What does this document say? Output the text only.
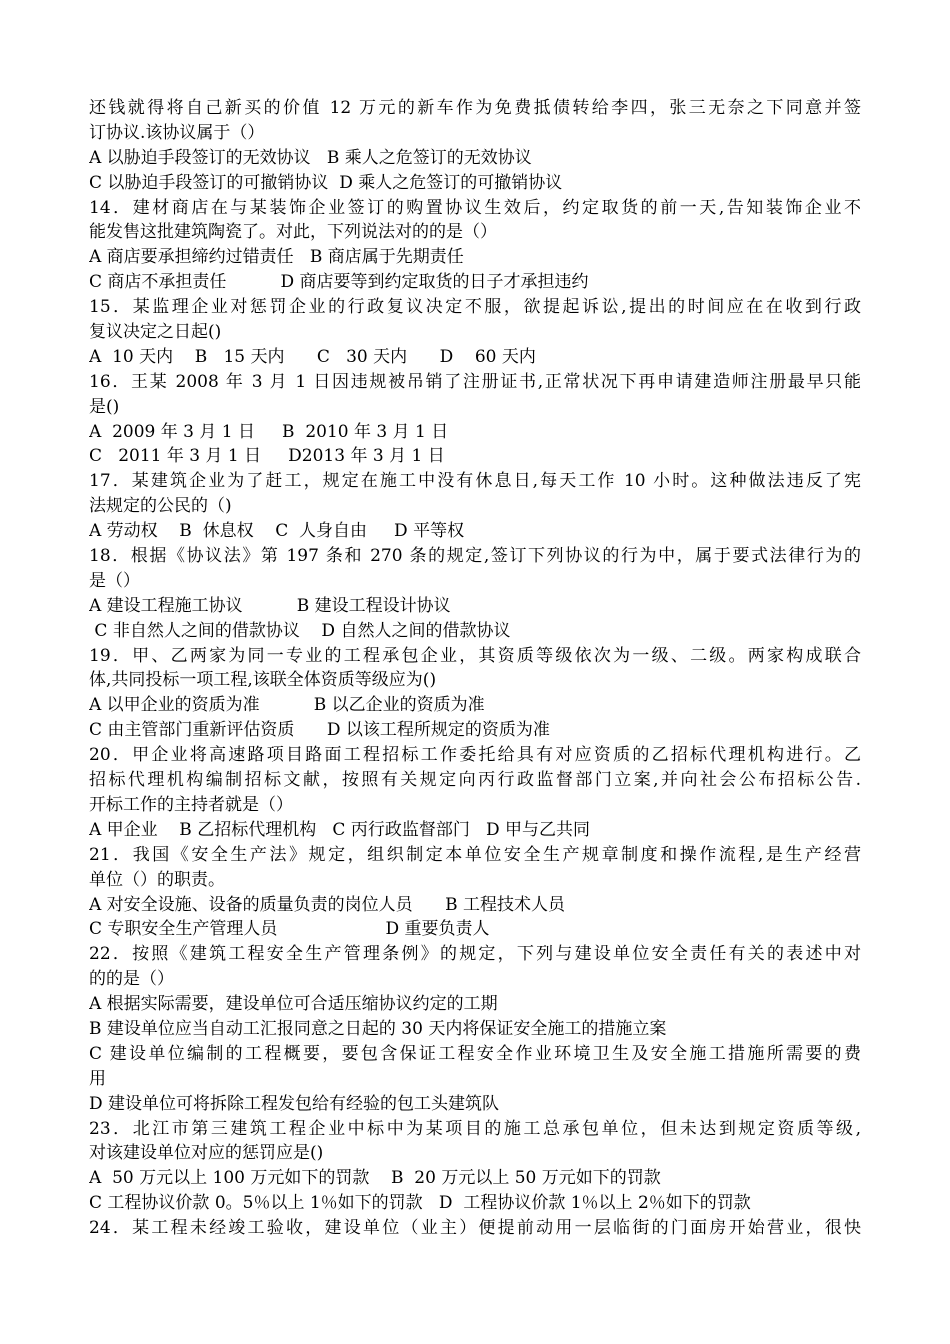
还钱就得将自己新买的价值 12 万元的新车作为免费抵债转给李四，张三无奈之下同意并签
订协议.该协议属于（）
A 以胁迫手段签订的无效协议   B 乘人之危签订的无效协议
C 以胁迫手段签订的可撤销协议  D 乘人之危签订的可撤销协议
14．建材商店在与某装饰企业签订的购置协议生效后，约定取货的前一天,告知装饰企业不
能发售这批建筑陶瓷了。对此，下列说法对的的是（）
A 商店要承担缔约过错责任   B 商店属于先期责任
C 商店不承担责任          D 商店要等到约定取货的日子才承担违约
15．某监理企业对惩罚企业的行政复议决定不服，欲提起诉讼,提出的时间应在在收到行政
复议决定之日起()
A  10 天内    B   15 天内      C   30 天内      D    60 天内
16．王某 2008 年 3 月 1 日因违规被吊销了注册证书,正常状况下再申请建造师注册最早只能
是()
A  2009 年 3 月 1 日     B  2010 年 3 月 1 日
C   2011 年 3 月 1 日     D2013 年 3 月 1 日
17．某建筑企业为了赶工，规定在施工中没有休息日,每天工作 10 小时。这种做法违反了宪
法规定的公民的（)
A 劳动权    B  休息权    C  人身自由     D 平等权
18．根据《协议法》第 197 条和 270 条的规定,签订下列协议的行为中，属于要式法律行为的
是（）
A 建设工程施工协议          B 建设工程设计协议
C 非自然人之间的借款协议    D 自然人之间的借款协议
19．甲、乙两家为同一专业的工程承包企业，其资质等级依次为一级、二级。两家构成联合
体,共同投标一项工程,该联全体资质等级应为()
A 以甲企业的资质为准          B 以乙企业的资质为准
C 由主管部门重新评估资质      D 以该工程所规定的资质为准
20．甲企业将高速路项目路面工程招标工作委托给具有对应资质的乙招标代理机构进行。乙
招标代理机构编制招标文献，按照有关规定向丙行政监督部门立案,并向社会公布招标公告.
开标工作的主持者就是（）
A 甲企业    B 乙招标代理机构   C 丙行政监督部门   D 甲与乙共同
21．我国《安全生产法》规定，组织制定本单位安全生产规章制度和操作流程,是生产经营
单位（）的职责。
A 对安全设施、设备的质量负责的岗位人员      B 工程技术人员
C 专职安全生产管理人员                    D 重要负责人
22．按照《建筑工程安全生产管理条例》的规定，下列与建设单位安全责任有关的表述中对
的的是（）
A 根据实际需要，建设单位可合适压缩协议约定的工期
B 建设单位应当自动工汇报同意之日起的 30 天内将保证安全施工的措施立案
C 建设单位编制的工程概要，要包含保证工程安全作业环境卫生及安全施工措施所需要的费
用
D 建设单位可将拆除工程发包给有经验的包工头建筑队
23．北江市第三建筑工程企业中标中为某项目的施工总承包单位，但未达到规定资质等级,
对该建设单位对应的惩罚应是()
A  50 万元以上 100 万元如下的罚款    B  20 万元以上 50 万元如下的罚款
C 工程协议价款 0。5％以上 1％如下的罚款   D  工程协议价款 1％以上 2％如下的罚款
24．某工程未经竣工验收，建设单位（业主）便提前动用一层临街的门面房开始营业，很快
